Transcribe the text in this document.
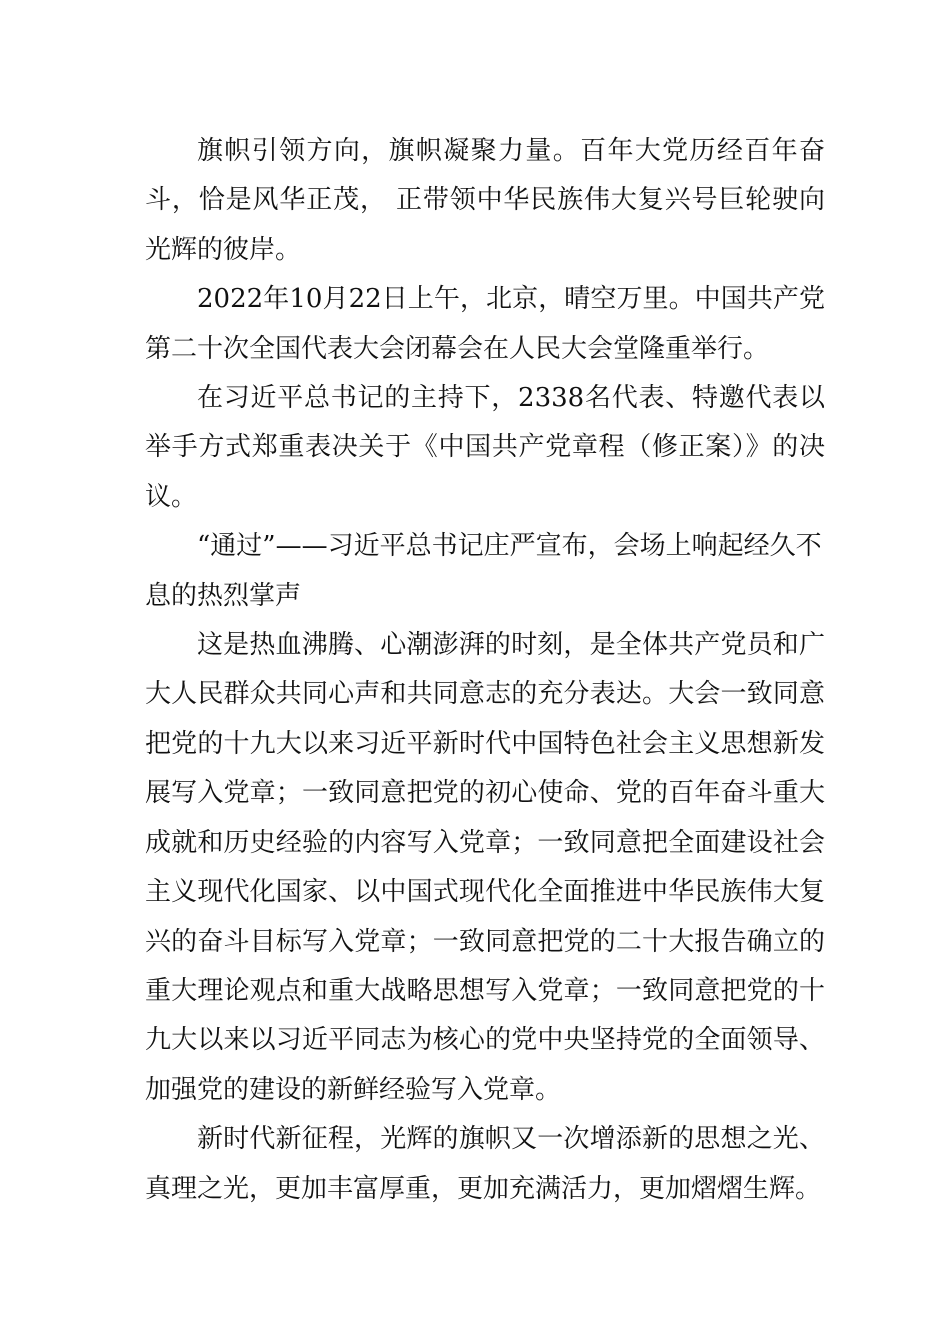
旗帜引领方向，旗帜凝聚力量。百年大党历经百年奋斗，恰是风华正茂， 正带领中华民族伟大复兴号巨轮驶向光辉的彼岸。

2022年10月22日上午，北京，晴空万里。中国共产党第二十次全国代表大会闭幕会在人民大会堂隆重举行。

在习近平总书记的主持下，2338名代表、特邀代表以举手方式郑重表决关于《中国共产党章程（修正案）》的决议。

“通过”——习近平总书记庄严宣布，会场上响起经久不息的热烈掌声

这是热血沸腾、心潮澎湃的时刻，是全体共产党员和广大人民群众共同心声和共同意志的充分表达。大会一致同意把党的十九大以来习近平新时代中国特色社会主义思想新发展写入党章；一致同意把党的初心使命、党的百年奋斗重大成就和历史经验的内容写入党章；一致同意把全面建设社会主义现代化国家、以中国式现代化全面推进中华民族伟大复兴的奋斗目标写入党章；一致同意把党的二十大报告确立的重大理论观点和重大战略思想写入党章；一致同意把党的十九大以来以习近平同志为核心的党中央坚持党的全面领导、加强党的建设的新鲜经验写入党章。

新时代新征程，光辉的旗帜又一次增添新的思想之光、真理之光，更加丰富厚重，更加充满活力，更加熠熠生辉。
